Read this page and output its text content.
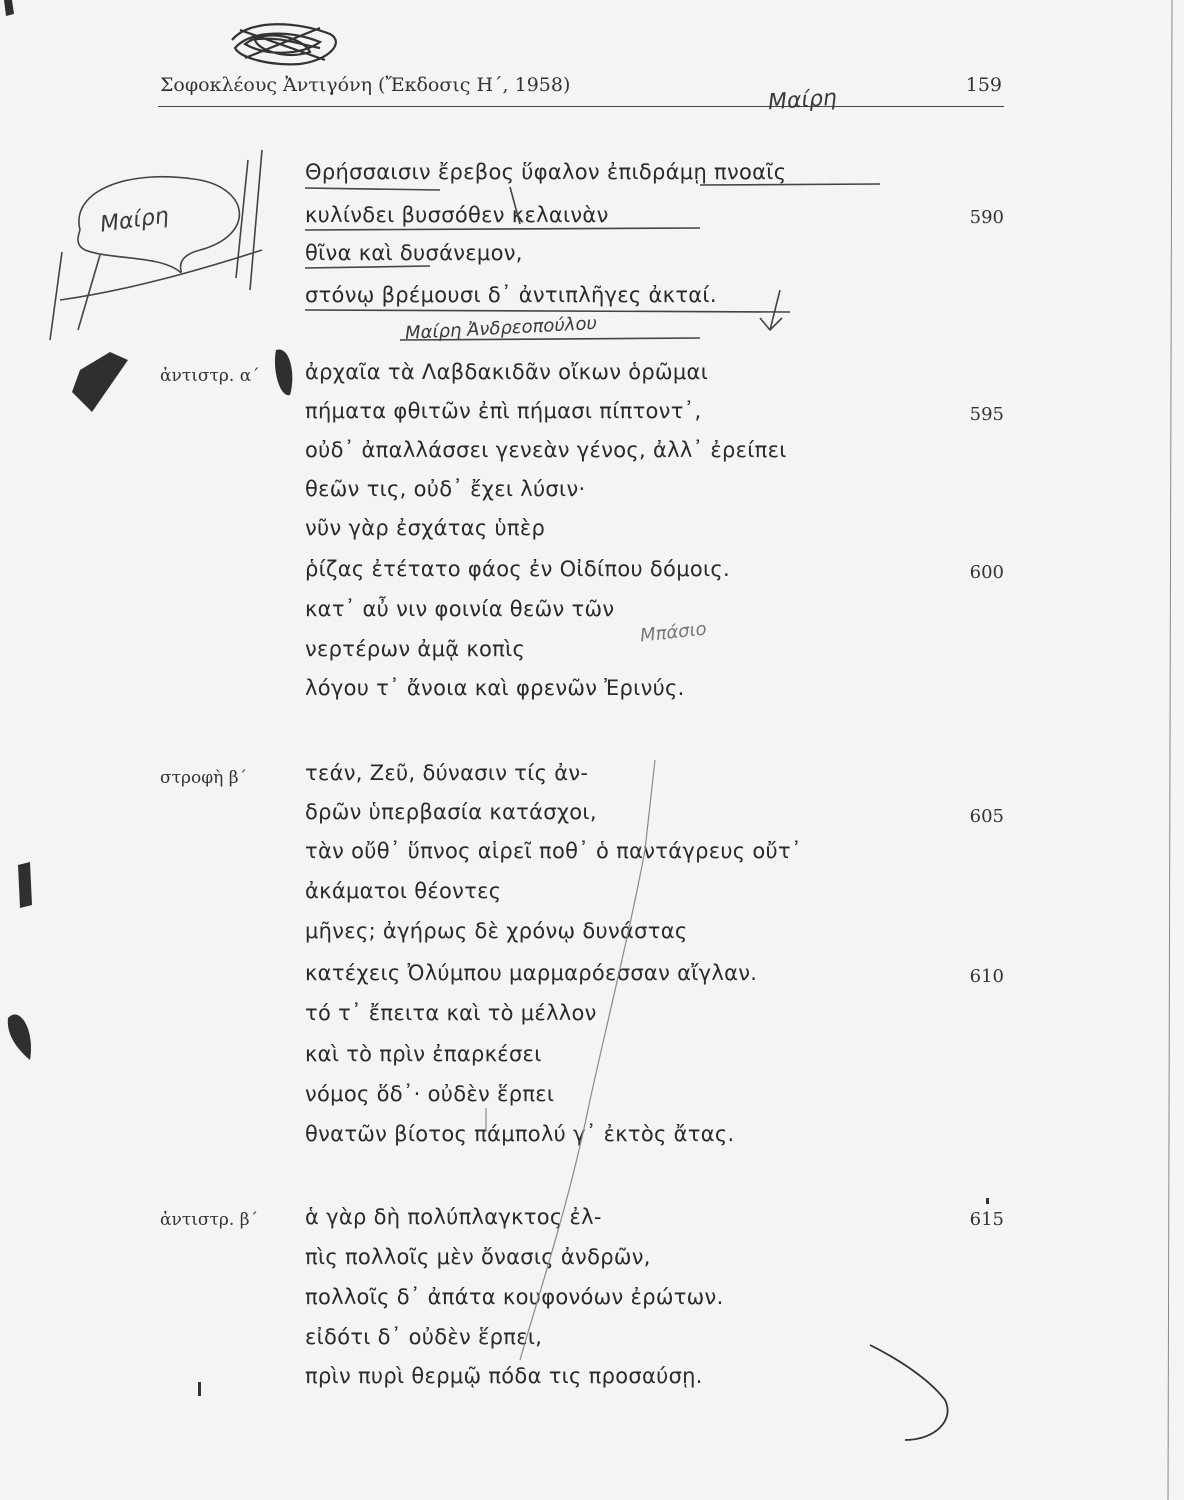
Σοφοκλέους Ἀντιγόνη (Ἔκδοσις Η΄, 1958)	159
Θρήσσαισιν ἔρεβος ὕφαλον ἐπιδράμῃ πνοαῖς
κυλίνδει βυσσόθεν κελαινὰν	590
θῖνα καὶ δυσάνεμον,
στόνῳ βρέμουσι δ᾿ ἀντιπλῆγες ἀκταί.
ἀντιστρ. α΄ ἀρχαῖα τὰ Λαβδακιδᾶν οἴκων ὁρῶμαι
πήματα φθιτῶν ἐπὶ πήμασι πίπτοντ᾿,	595
οὐδ᾿ ἀπαλλάσσει γενεὰν γένος, ἀλλ᾿ ἐρείπει
θεῶν τις, οὐδ᾿ ἔχει λύσιν·
νῦν γὰρ ἐσχάτας ὑπὲρ
ῥίζας ἐτέτατο φάος ἐν Οἰδίπου δόμοις.	600
κατ᾿ αὖ νιν φοινία θεῶν τῶν
νερτέρων ἀμᾷ κοπὶς
λόγου τ᾿ ἄνοια καὶ φρενῶν Ἐρινύς.
στροφὴ β΄	τεάν, Ζεῦ, δύνασιν τίς ἀν-
δρῶν ὑπερβασία κατάσχοι,	605
τὰν οὔθ᾿ ὕπνος αἱρεῖ ποθ᾿ ὁ παντάγρευς οὔτ᾿
ἀκάματοι θέοντες
μῆνες; ἀγήρως δὲ χρόνῳ δυνάστας
κατέχεις Ὀλύμπου μαρμαρόεσσαν αἴγλαν.	610
τό τ᾿ ἔπειτα καὶ τὸ μέλλον
καὶ τὸ πρὶν ἐπαρκέσει
νόμος ὅδ᾿· οὐδὲν ἕρπει
θνατῶν βίοτος πάμπολύ γ᾿ ἐκτὸς ἄτας.
ἀντιστρ. β΄ ἁ γὰρ δὴ πολύπλαγκτος ἐλ-	615
πὶς πολλοῖς μὲν ὄνασις ἀνδρῶν,
πολλοῖς δ᾿ ἀπάτα κουφονόων ἐρώτων.
εἰδότι δ᾿ οὐδὲν ἕρπει,
πρὶν πυρὶ θερμῷ πόδα τις προσαύσῃ.
Μαίρη
Μαίρη
Μαίρη Ἀνδρεοπούλου
Μπάσιο
